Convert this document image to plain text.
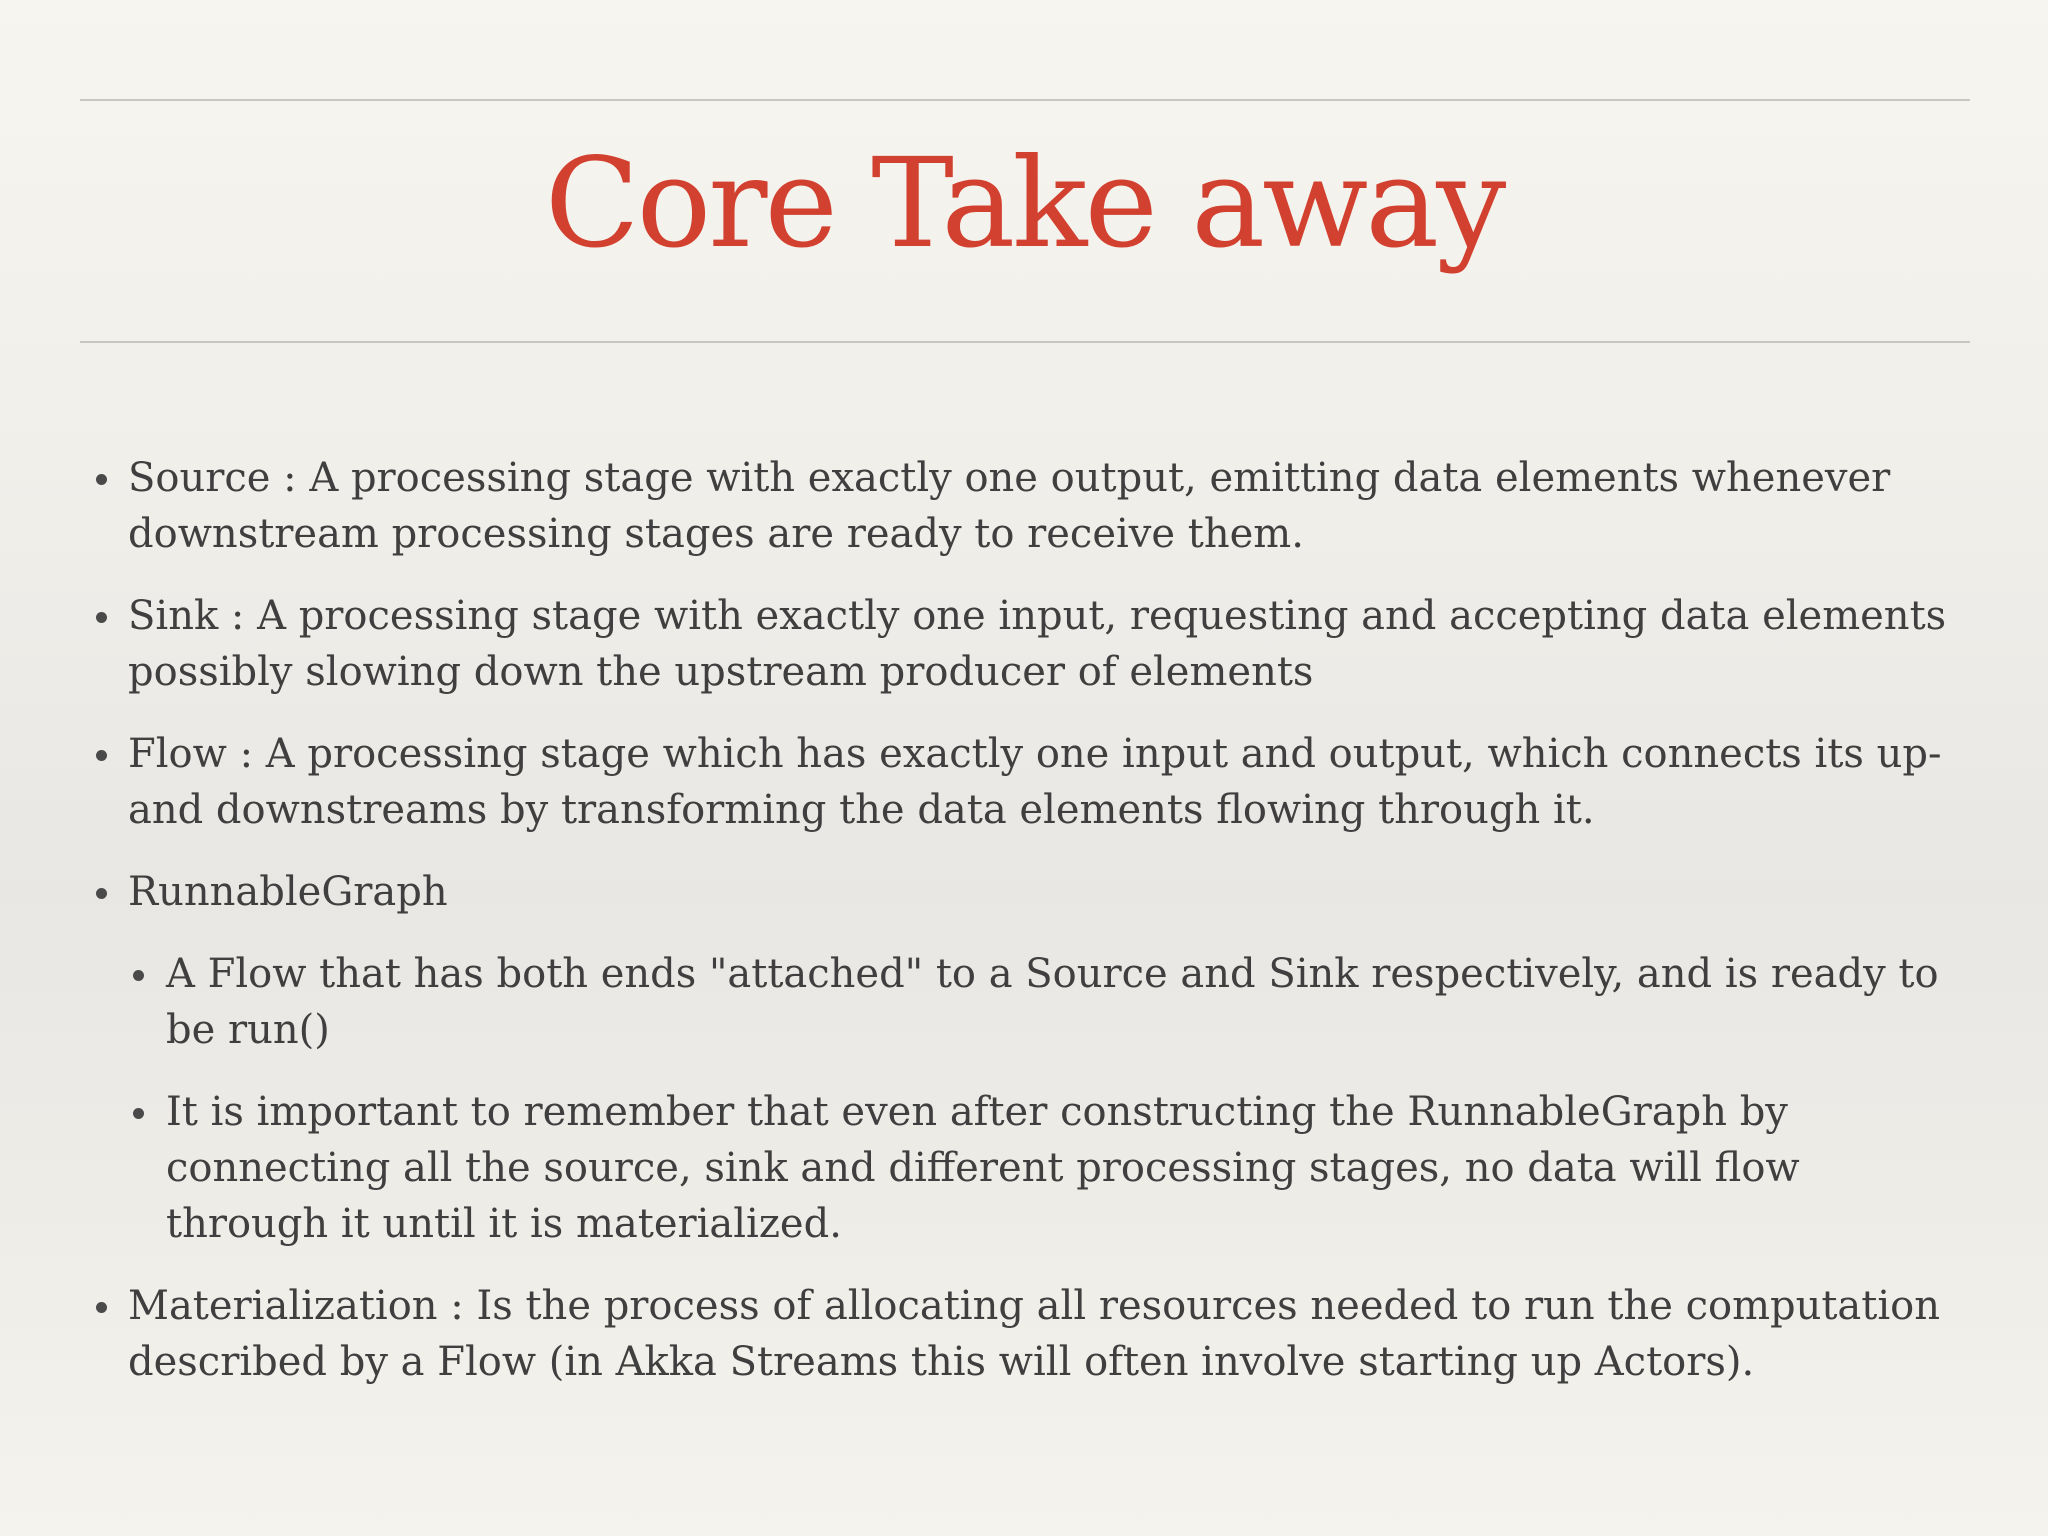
Core Take away
Source : A processing stage with exactly one output, emitting data elements whenever downstream processing stages are ready to receive them.
Sink : A processing stage with exactly one input, requesting and accepting data elements possibly slowing down the upstream producer of elements
Flow : A processing stage which has exactly one input and output, which connects its up- and downstreams by transforming the data elements flowing through it.
RunnableGraph
A Flow that has both ends "attached" to a Source and Sink respectively, and is ready to be run()
It is important to remember that even after constructing the RunnableGraph by connecting all the source, sink and different processing stages, no data will flow through it until it is materialized.
Materialization : Is the process of allocating all resources needed to run the computation described by a Flow (in Akka Streams this will often involve starting up Actors).
